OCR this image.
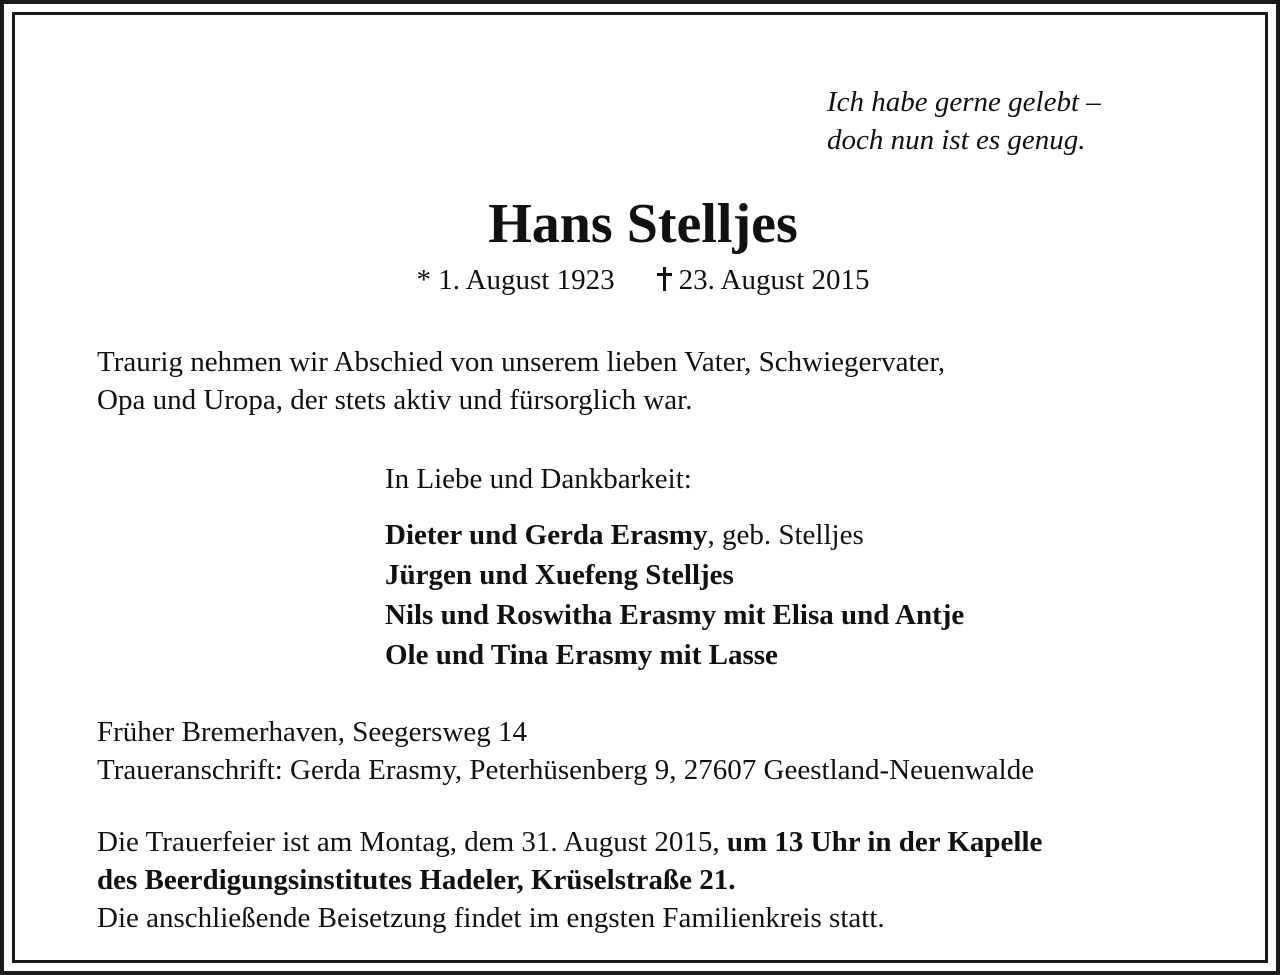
Ich habe gerne gelebt –
doch nun ist es genug.
Hans Stelljes
* 1. August 1923 23. August 2015
Traurig nehmen wir Abschied von unserem lieben Vater, Schwiegervater,
Opa und Uropa, der stets aktiv und fürsorglich war.
In Liebe und Dankbarkeit:
Dieter und Gerda Erasmy, geb. Stelljes
Jürgen und Xuefeng Stelljes
Nils und Roswitha Erasmy mit Elisa und Antje
Ole und Tina Erasmy mit Lasse
Früher Bremerhaven, Seegersweg 14
Traueranschrift: Gerda Erasmy, Peterhüsenberg 9, 27607 Geestland-Neuenwalde
Die Trauerfeier ist am Montag, dem 31. August 2015, um 13 Uhr in der Kapelle
des Beerdigungsinstitutes Hadeler, Krüselstraße 21.
Die anschließende Beisetzung findet im engsten Familienkreis statt.
